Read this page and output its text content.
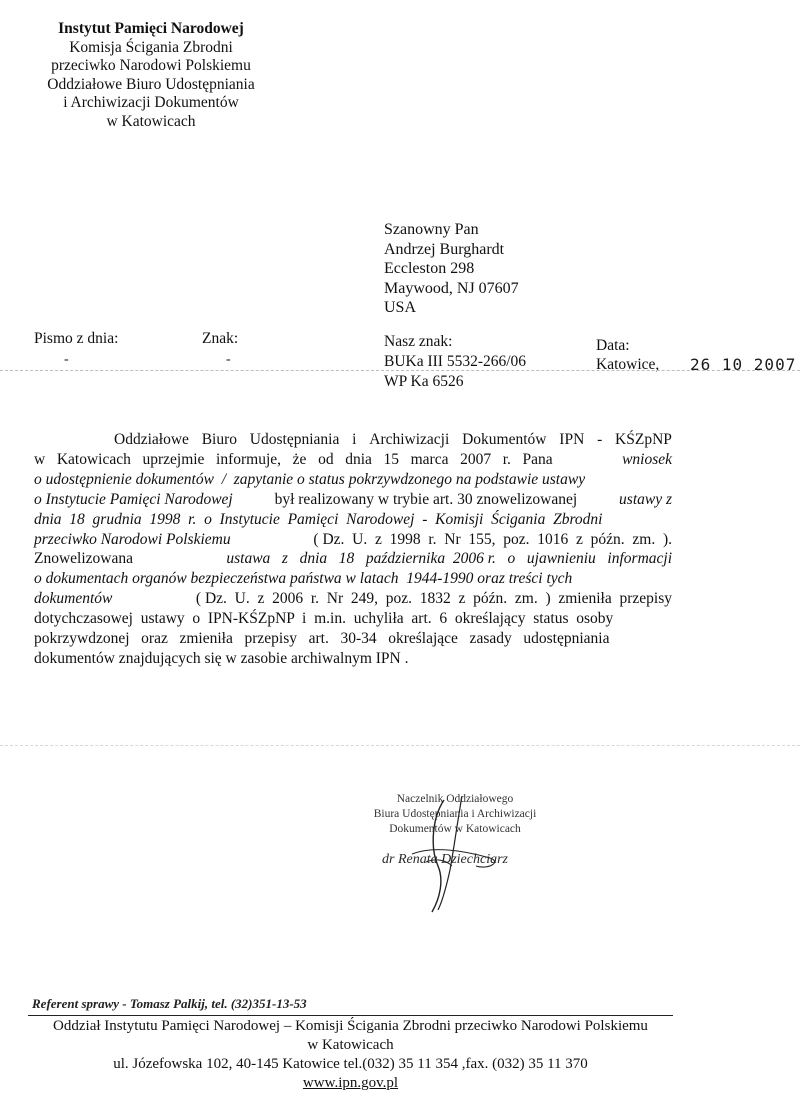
Instytut Pamięci Narodowej
Komisja Ścigania Zbrodni
przeciwko Narodowi Polskiemu
Oddziałowe Biuro Udostępniania
i Archiwizacji Dokumentów
w Katowicach
Szanowny Pan
Andrzej Burghardt
Eccleston 298
Maywood, NJ 07607
USA
Pismo z dnia:
-
Znak:
-
Nasz znak:
BUKa III 5532-266/06
WP Ka 6526
Data:
Katowice, 26 10 2007
Oddziałowe Biuro Udostępniania i Archiwizacji Dokumentów IPN - KŚZpNP
w   Katowicach   uprzejmie   informuje,   że   od   dnia   15   marca   2007   r.   Pana	wniosek
o udostępnienie dokumentów  /  zapytanie o status pokrzywdzonego na podstawie ustawy
o Instytucie Pamięci Narodowej	był realizowany w trybie art. 30 znowelizowanej	ustawy z
dnia  18  grudnia  1998  r.  o  Instytucie  Pamięci  Narodowej  -  Komisji  Ścigania  Zbrodni
przeciwko Narodowi Polskiemu	( Dz.  U.  z  1998  r.  Nr  155,  poz.  1016  z  późn.  zm.  ).
Znowelizowana	ustawa   z   dnia   18   października  2006 r.   o   ujawnieniu   informacji
o dokumentach organów bezpieczeństwa państwa w latach  1944-1990 oraz treści tych
dokumentów	( Dz.  U.  z  2006  r.  Nr  249,  poz.  1832  z  późn.  zm.  )  zmieniła  przepisy
dotychczasowej  ustawy  o  IPN-KŚZpNP  i  m.in.  uchyliła  art.  6  określający  status  osoby
pokrzywdzonej   oraz   zmieniła   przepisy   art.   30-34   określające   zasady   udostępniania
dokumentów znajdujących się w zasobie archiwalnym IPN .
Naczelnik Oddziałowego
Biura Udostępniania i Archiwizacji
Dokumentów w Katowicach
dr Renata Dziechciarz
Referent sprawy - Tomasz Palkij, tel. (32)351-13-53
Oddział Instytutu Pamięci Narodowej – Komisji Ścigania Zbrodni przeciwko Narodowi Polskiemu
w Katowicach
ul. Józefowska 102, 40-145 Katowice tel.(032) 35 11 354 ,fax. (032) 35 11 370
www.ipn.gov.pl
